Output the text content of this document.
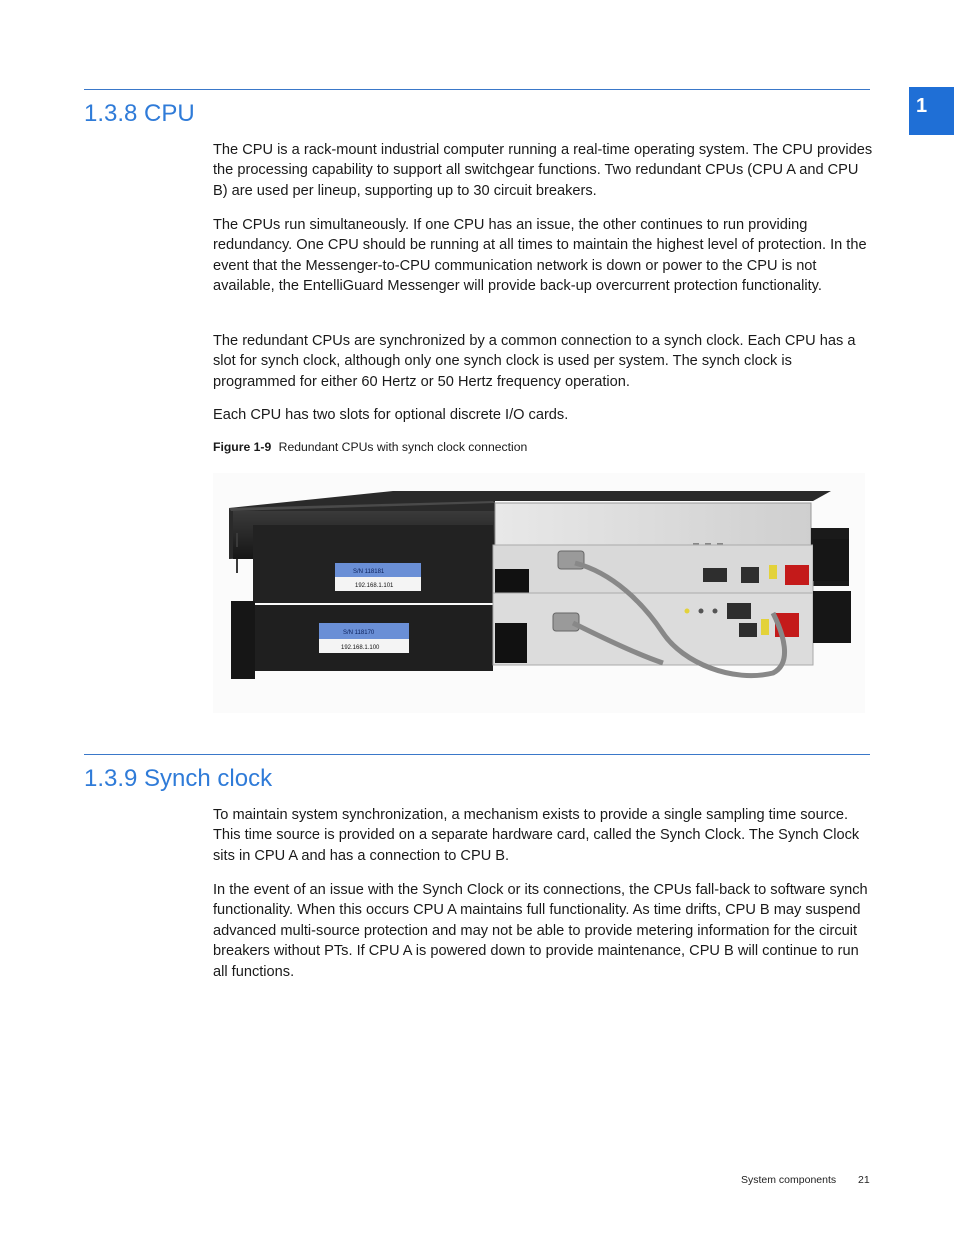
1
1.3.8 CPU

The CPU is a rack-mount industrial computer running a real-time operating system. The CPU provides the processing capability to support all switchgear functions. Two redundant CPUs (CPU A and CPU B) are used per lineup, supporting up to 30 circuit breakers.

The CPUs run simultaneously. If one CPU has an issue, the other continues to run providing redundancy. One CPU should be running at all times to maintain the highest level of protection. In the event that the Messenger-to-CPU communication network is down or power to the CPU is not available, the EntelliGuard Messenger will provide back-up overcurrent protection functionality.

The redundant CPUs are synchronized by a common connection to a synch clock. Each CPU has a slot for synch clock, although only one synch clock is used per system. The synch clock is programmed for either 60 Hertz or 50 Hertz frequency operation.

Each CPU has two slots for optional discrete I/O cards.

Figure 1-9 Redundant CPUs with synch clock connection
S/N 118181
192.168.1.101
S/N 118170
192.168.1.100
1.3.9 Synch clock

To maintain system synchronization, a mechanism exists to provide a single sampling time source. This time source is provided on a separate hardware card, called the Synch Clock. The Synch Clock sits in CPU A and has a connection to CPU B.

In the event of an issue with the Synch Clock or its connections, the CPUs fall-back to software synch functionality. When this occurs CPU A maintains full functionality. As time drifts, CPU B may suspend advanced multi-source protection and may not be able to provide metering information for the circuit breakers without PTs. If CPU A is powered down to provide maintenance, CPU B will continue to run all functions.

System components 21
